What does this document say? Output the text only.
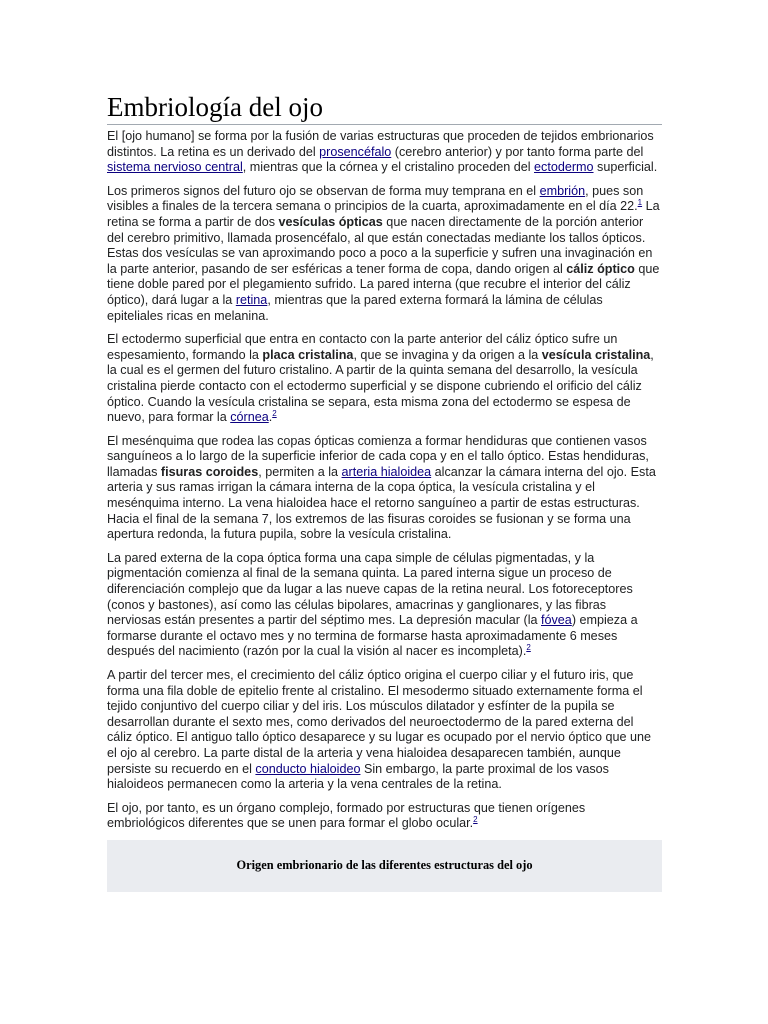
Embriología del ojo

El [ojo humano] se forma por la fusión de varias estructuras que proceden de tejidos embrionarios distintos. La retina es un derivado del prosencéfalo (cerebro anterior) y por tanto forma parte del sistema nervioso central, mientras que la córnea y el cristalino proceden del ectodermo superficial.

Los primeros signos del futuro ojo se observan de forma muy temprana en el embrión, pues son visibles a finales de la tercera semana o principios de la cuarta, aproximadamente en el día 22.$^1$ La retina se forma a partir de dos vesículas ópticas que nacen directamente de la porción anterior del cerebro primitivo, llamada prosencéfalo, al que están conectadas mediante los tallos ópticos. Estas dos vesículas se van aproximando poco a poco a la superficie y sufren una invaginación en la parte anterior, pasando de ser esféricas a tener forma de copa, dando origen al cáliz óptico que tiene doble pared por el plegamiento sufrido. La pared interna (que recubre el interior del cáliz óptico), dará lugar a la retina, mientras que la pared externa formará la lámina de células epiteliales ricas en melanina.

El ectodermo superficial que entra en contacto con la parte anterior del cáliz óptico sufre un espesamiento, formando la placa cristalina, que se invagina y da origen a la vesícula cristalina, la cual es el germen del futuro cristalino. A partir de la quinta semana del desarrollo, la vesícula cristalina pierde contacto con el ectodermo superficial y se dispone cubriendo el orificio del cáliz óptico. Cuando la vesícula cristalina se separa, esta misma zona del ectodermo se espesa de nuevo, para formar la córnea.$^2$

El mesénquima que rodea las copas ópticas comienza a formar hendiduras que contienen vasos sanguíneos a lo largo de la superficie inferior de cada copa y en el tallo óptico. Estas hendiduras, llamadas fisuras coroides, permiten a la arteria hialoidea alcanzar la cámara interna del ojo. Esta arteria y sus ramas irrigan la cámara interna de la copa óptica, la vesícula cristalina y el mesénquima interno. La vena hialoidea hace el retorno sanguíneo a partir de estas estructuras. Hacia el final de la semana 7, los extremos de las fisuras coroides se fusionan y se forma una apertura redonda, la futura pupila, sobre la vesícula cristalina.

La pared externa de la copa óptica forma una capa simple de células pigmentadas, y la pigmentación comienza al final de la semana quinta. La pared interna sigue un proceso de diferenciación complejo que da lugar a las nueve capas de la retina neural. Los fotoreceptores (conos y bastones), así como las células bipolares, amacrinas y ganglionares, y las fibras nerviosas están presentes a partir del séptimo mes. La depresión macular (la fóvea) empieza a formarse durante el octavo mes y no termina de formarse hasta aproximadamente 6 meses después del nacimiento (razón por la cual la visión al nacer es incompleta).$^2$

A partir del tercer mes, el crecimiento del cáliz óptico origina el cuerpo ciliar y el futuro iris, que forma una fila doble de epitelio frente al cristalino. El mesodermo situado externamente forma el tejido conjuntivo del cuerpo ciliar y del iris. Los músculos dilatador y esfínter de la pupila se desarrollan durante el sexto mes, como derivados del neuroectodermo de la pared externa del cáliz óptico. El antiguo tallo óptico desaparece y su lugar es ocupado por el nervio óptico que une el ojo al cerebro. La parte distal de la arteria y vena hialoidea desaparecen también, aunque persiste su recuerdo en el conducto hialoideo Sin embargo, la parte proximal de los vasos hialoideos permanecen como la arteria y la vena centrales de la retina.

El ojo, por tanto, es un órgano complejo, formado por estructuras que tienen orígenes embriológicos diferentes que se unen para formar el globo ocular.$^2$

Origen embrionario de las diferentes estructuras del ojo
